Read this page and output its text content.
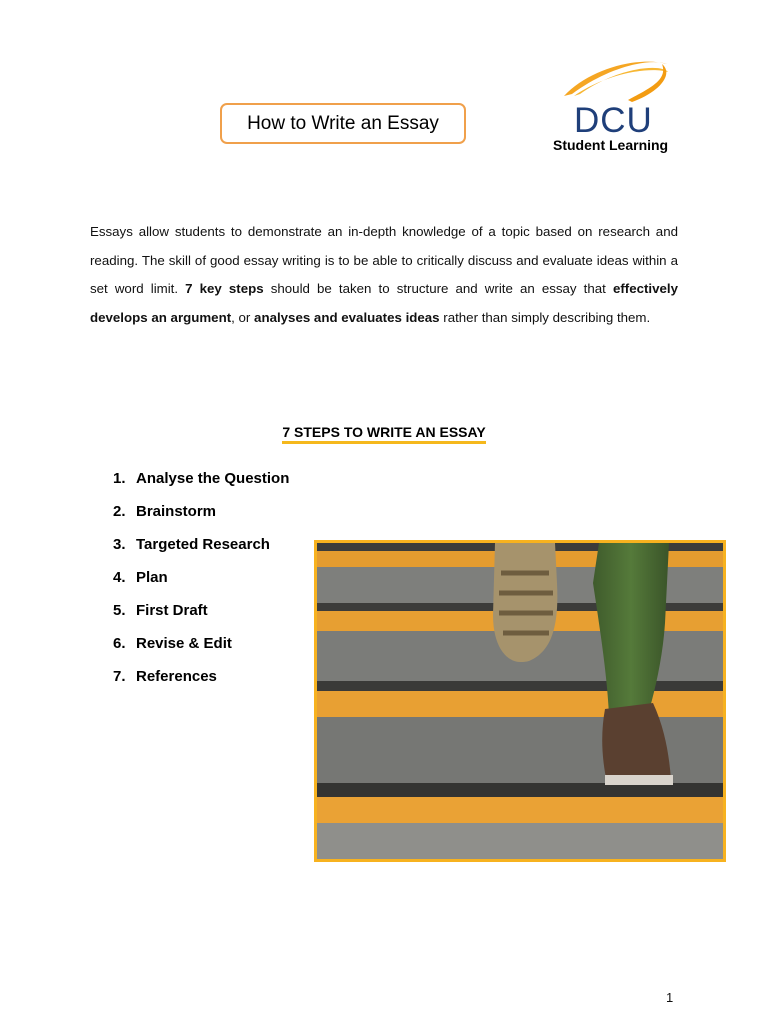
How to Write an Essay	DCU
Student Learning
Essays allow students to demonstrate an in-depth knowledge of a topic based on research and reading. The skill of good essay writing is to be able to critically discuss and evaluate ideas within a set word limit. 7 key steps should be taken to structure and write an essay that effectively develops an argument, or analyses and evaluates ideas rather than simply describing them.
7 STEPS TO WRITE AN ESSAY
1. Analyse the Question
2. Brainstorm
3. Targeted Research
4. Plan
5. First Draft
6. Revise & Edit
7. References
1
